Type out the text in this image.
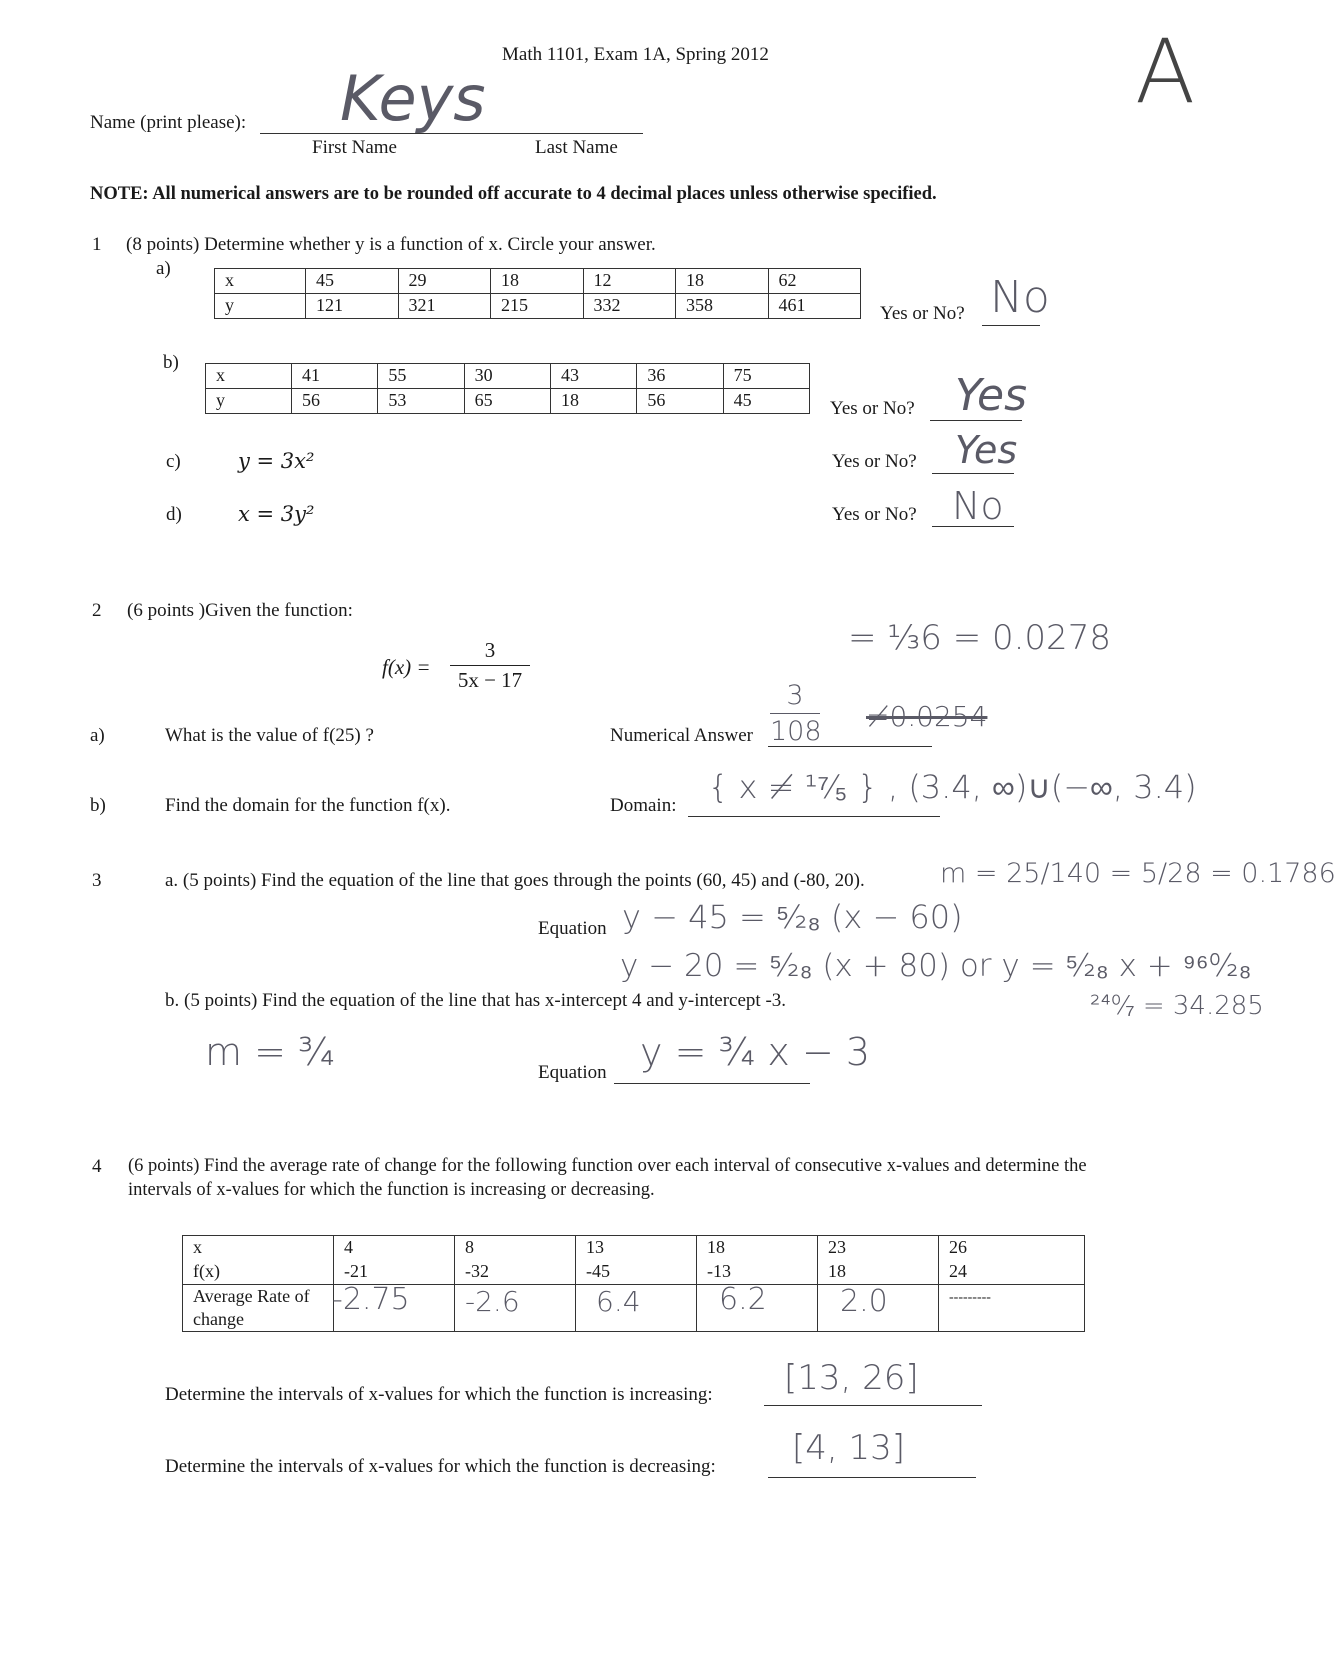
Math 1101, Exam 1A, Spring 2012	A
Name (print please):
First Name	Last Name
Keys
NOTE: All numerical answers are to be rounded off accurate to 4 decimal places unless otherwise specified.
1 (8 points) Determine whether y is a function of x. Circle your answer.
a)
x	45	29	18	12	18	62
y	121	321	215	332	358	461	Yes or No? No
b)
x	41	55	30	43	36	75
y	56	53	65	18	56	45	Yes or No? Yes
c)	y = 3x²	Yes or No? Yes
d)	x = 3y²	Yes or No? No
2 (6 points )Given the function:
f(x) =
3
5x − 17
= ⅓6 = 0.0278
≠0.0254
a)	What is the value of f(25) ?	Numerical Answer
3
108
b)	Find the domain for the function f(x).	Domain: { x ≠ ¹⁷⁄₅ } , (3.4, ∞)∪(−∞, 3.4)
3	a. (5 points) Find the equation of the line that goes through the points (60, 45) and (-80, 20).	m = 25/140 = 5/28 = 0.1786
Equation y − 45 = ⁵⁄₂₈ (x − 60)
y − 20 = ⁵⁄₂₈ (x + 80) or y = ⁵⁄₂₈ x + ⁹⁶⁰⁄₂₈
²⁴⁰⁄₇ = 34.285
b. (5 points) Find the equation of the line that has x-intercept 4 and y-intercept -3.
m = ¾	Equation y = ¾ x − 3
4 (6 points) Find the average rate of change for the following function over each interval of consecutive x-values and determine the
intervals of x-values for which the function is increasing or decreasing.
x	4	8	13	18	23	26
f(x)	-21	-32	-45	-13	18	24
Average Rate of change	-2.75	-2.6	6.4	6.2	2.0	---------
Determine the intervals of x-values for which the function is increasing: [13, 26]
Determine the intervals of x-values for which the function is decreasing: [4, 13]
